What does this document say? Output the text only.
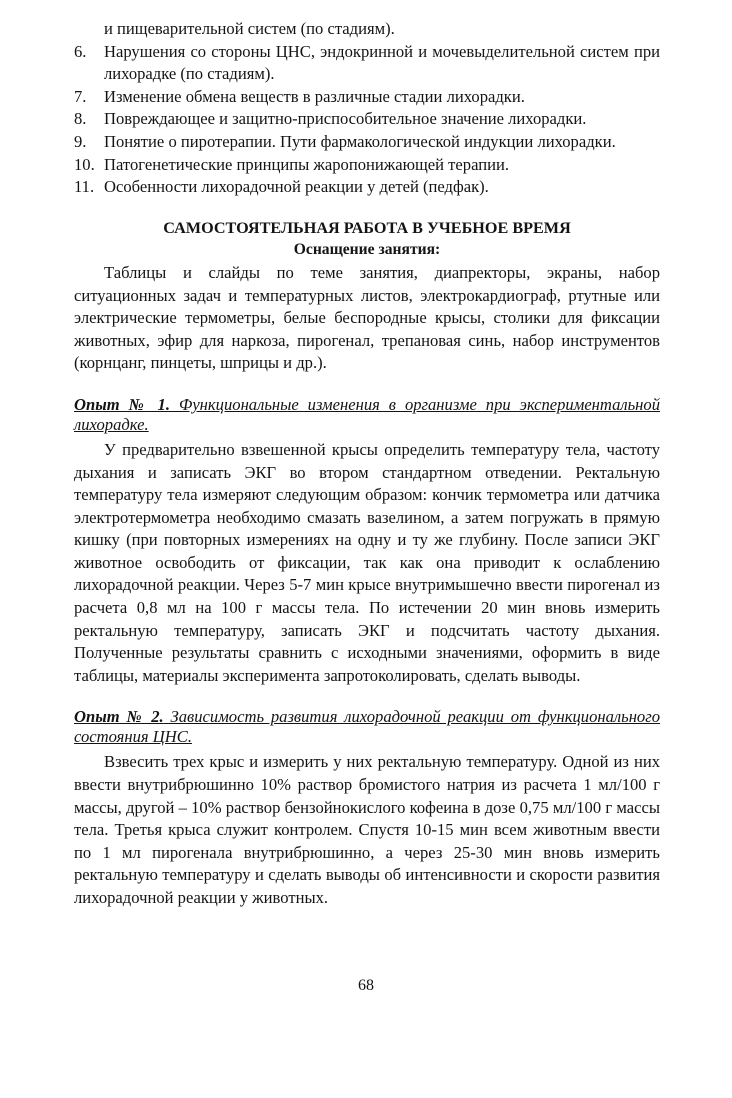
и пищеварительной систем (по стадиям).
6.	Нарушения со стороны ЦНС, эндокринной и мочевыделительной систем при лихорадке (по стадиям).
7.	Изменение обмена веществ в различные стадии лихорадки.
8.	Повреждающее и защитно-приспособительное значение лихорадки.
9.	Понятие о пиротерапии. Пути фармакологической индукции лихорадки.
10. Патогенетические принципы жаропонижающей терапии.
11. Особенности лихорадочной реакции у детей (педфак).
САМОСТОЯТЕЛЬНАЯ РАБОТА В УЧЕБНОЕ ВРЕМЯ
Оснащение занятия:

Таблицы и слайды по теме занятия, диапректоры, экраны, набор ситуационных задач и температурных листов, электрокардиограф, ртутные или электрические термометры, белые беспородные крысы, столики для фиксации животных, эфир для наркоза, пирогенал, трепановая синь, набор инструментов (корнцанг, пинцеты, шприцы и др.).

Опыт № 1. Функциональные изменения в организме при экспериментальной лихорадке.

У предварительно взвешенной крысы определить температуру тела, частоту дыхания и записать ЭКГ во втором стандартном отведении. Ректальную температуру тела измеряют следующим образом: кончик термометра или датчика электротермометра необходимо смазать вазелином, а затем погружать в прямую кишку (при повторных измерениях на одну и ту же глубину. После записи ЭКГ животное освободить от фиксации, так как она приводит к ослаблению лихорадочной реакции. Через 5-7 мин крысе внутримышечно ввести пирогенал из расчета 0,8 мл на 100 г массы тела. По истечении 20 мин вновь измерить ректальную температуру, записать ЭКГ и подсчитать частоту дыхания. Полученные результаты сравнить с исходными значениями, оформить в виде таблицы, материалы эксперимента запротоколировать, сделать выводы.

Опыт № 2. Зависимость развития лихорадочной реакции от функционального состояния ЦНС.

Взвесить трех крыс и измерить у них ректальную температуру. Одной из них ввести внутрибрюшинно 10% раствор бромистого натрия из расчета 1 мл/100 г массы, другой – 10% раствор бензойнокислого кофеина в дозе 0,75 мл/100 г массы тела. Третья крыса служит контролем. Спустя 10-15 мин всем животным ввести по 1 мл пирогенала внутрибрюшинно, а через 25-30 мин вновь измерить ректальную температуру и сделать выводы об интенсивности и скорости развития лихорадочной реакции у животных.

68
